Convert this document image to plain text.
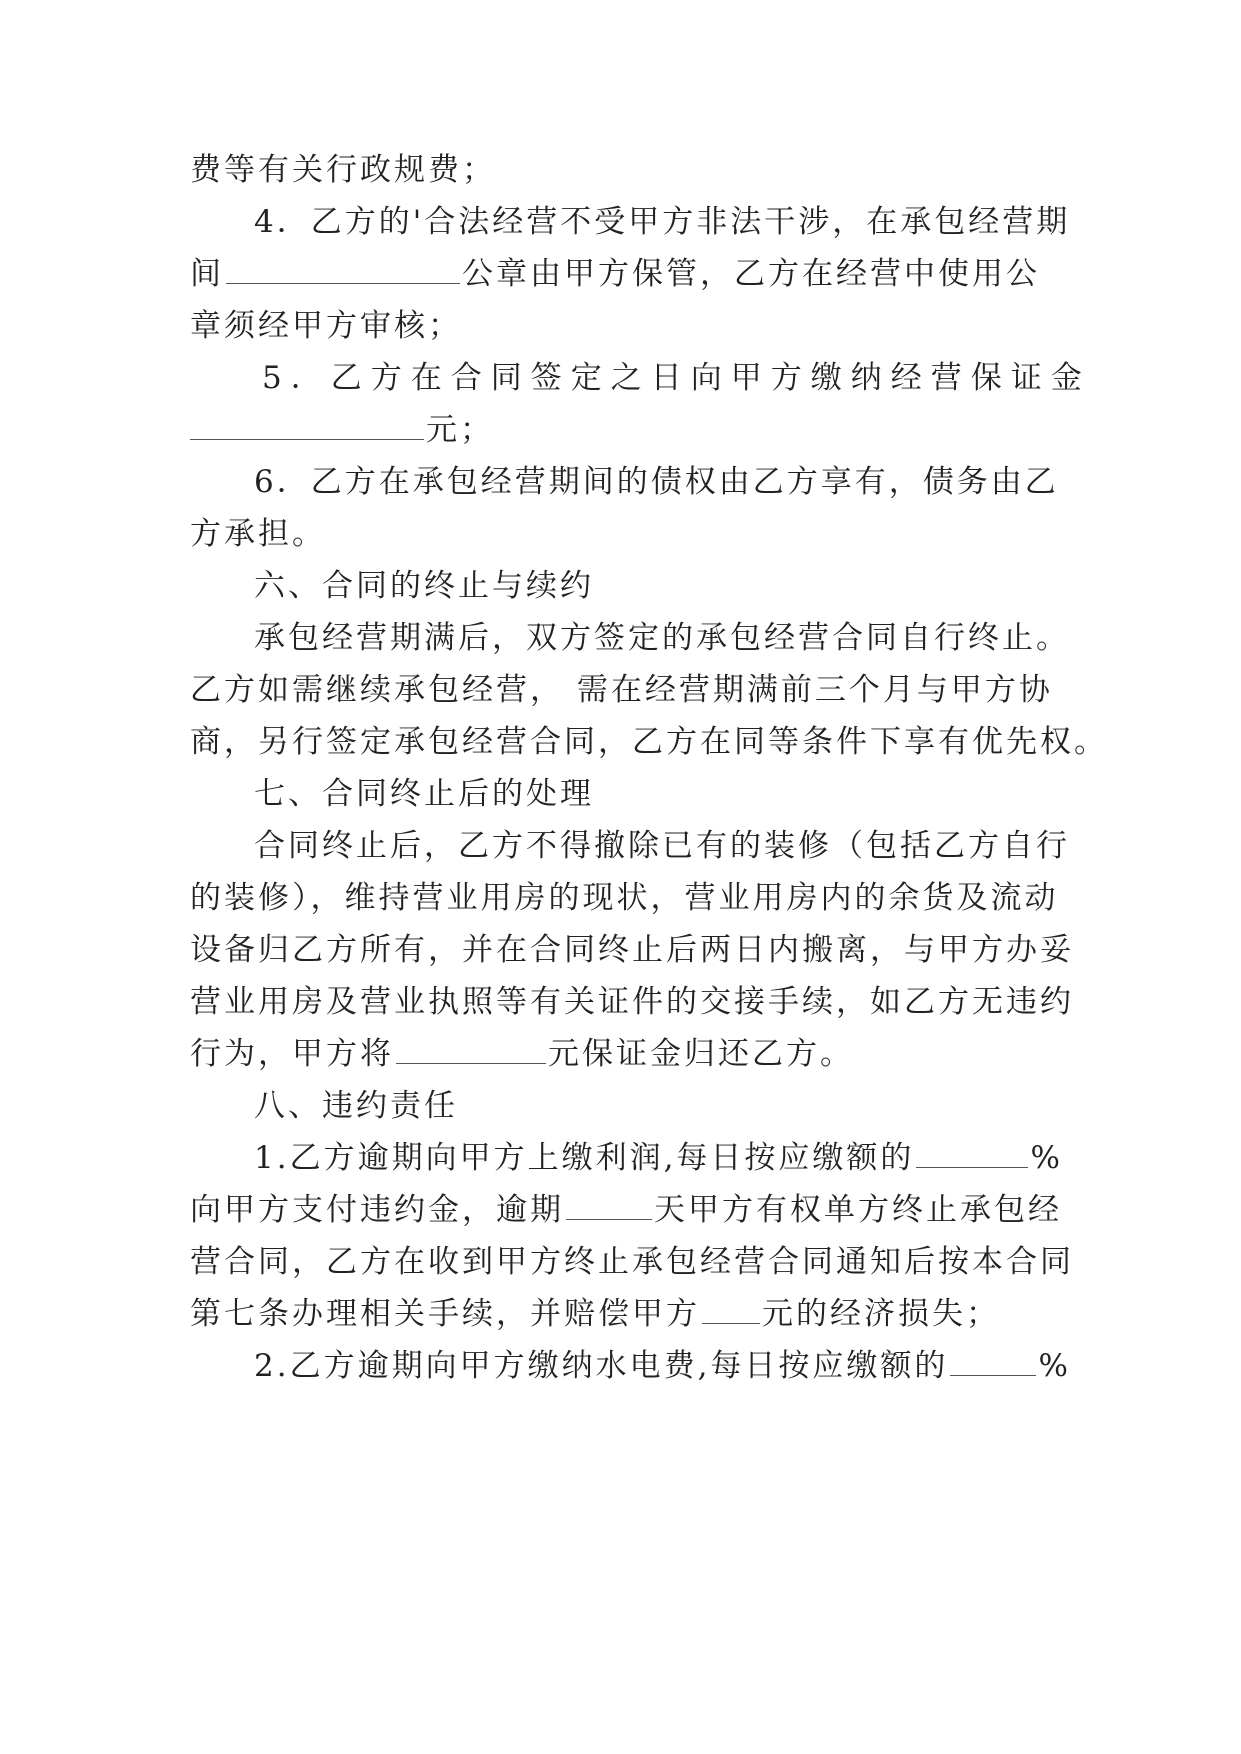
费等有关行政规费；
4．乙方的'合法经营不受甲方非法干涉，在承包经营期
间	公章由甲方保管，乙方在经营中使用公
章须经甲方审核；
5．乙方在合同签定之日向甲方缴纳经营保证金
元；
6．乙方在承包经营期间的债权由乙方享有，债务由乙
方承担。
六、合同的终止与续约
承包经营期满后，双方签定的承包经营合同自行终止。
乙方如需继续承包经营， 需在经营期满前三个月与甲方协
商，另行签定承包经营合同，乙方在同等条件下享有优先权。
七、合同终止后的处理
合同终止后，乙方不得撤除已有的装修（包括乙方自行
的装修），维持营业用房的现状，营业用房内的余货及流动
设备归乙方所有，并在合同终止后两日内搬离，与甲方办妥
营业用房及营业执照等有关证件的交接手续，如乙方无违约
行为，甲方将	元保证金归还乙方。
八、违约责任
1.乙方逾期向甲方上缴利润,每日按应缴额的	%
向甲方支付违约金，逾期	天甲方有权单方终止承包经
营合同，乙方在收到甲方终止承包经营合同通知后按本合同
第七条办理相关手续，并赔偿甲方 元的经济损失；
2.乙方逾期向甲方缴纳水电费,每日按应缴额的	%
